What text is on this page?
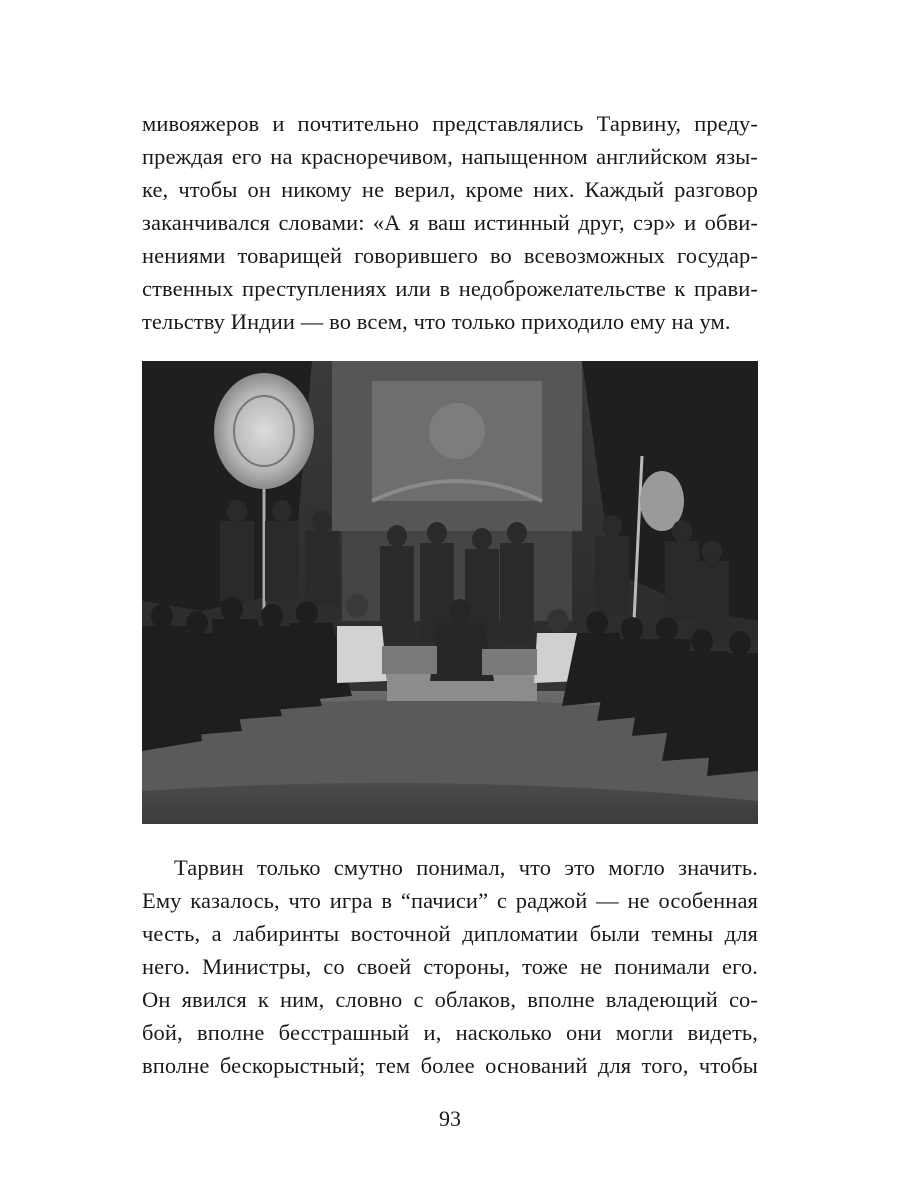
мивояжеров и почтительно представлялись Тарвину, преду-
преждая его на красноречивом, напыщенном английском язы-
ке, чтобы он никому не верил, кроме них. Каждый разговор
заканчивался словами: «А я ваш истинный друг, сэр» и обви-
нениями товарищей говорившего во всевозможных государ-
ственных преступлениях или в недоброжелательстве к прави-
тельству Индии — во всем, что только приходило ему на ум.
Тарвин только смутно понимал, что это могло значить.
Ему казалось, что игра в “пачиси” с раджой — не особенная
честь, а лабиринты восточной дипломатии были темны для
него. Министры, со своей стороны, тоже не понимали его.
Он явился к ним, словно с облаков, вполне владеющий со-
бой, вполне бесстрашный и, насколько они могли видеть,
вполне бескорыстный; тем более оснований для того, чтобы
93
